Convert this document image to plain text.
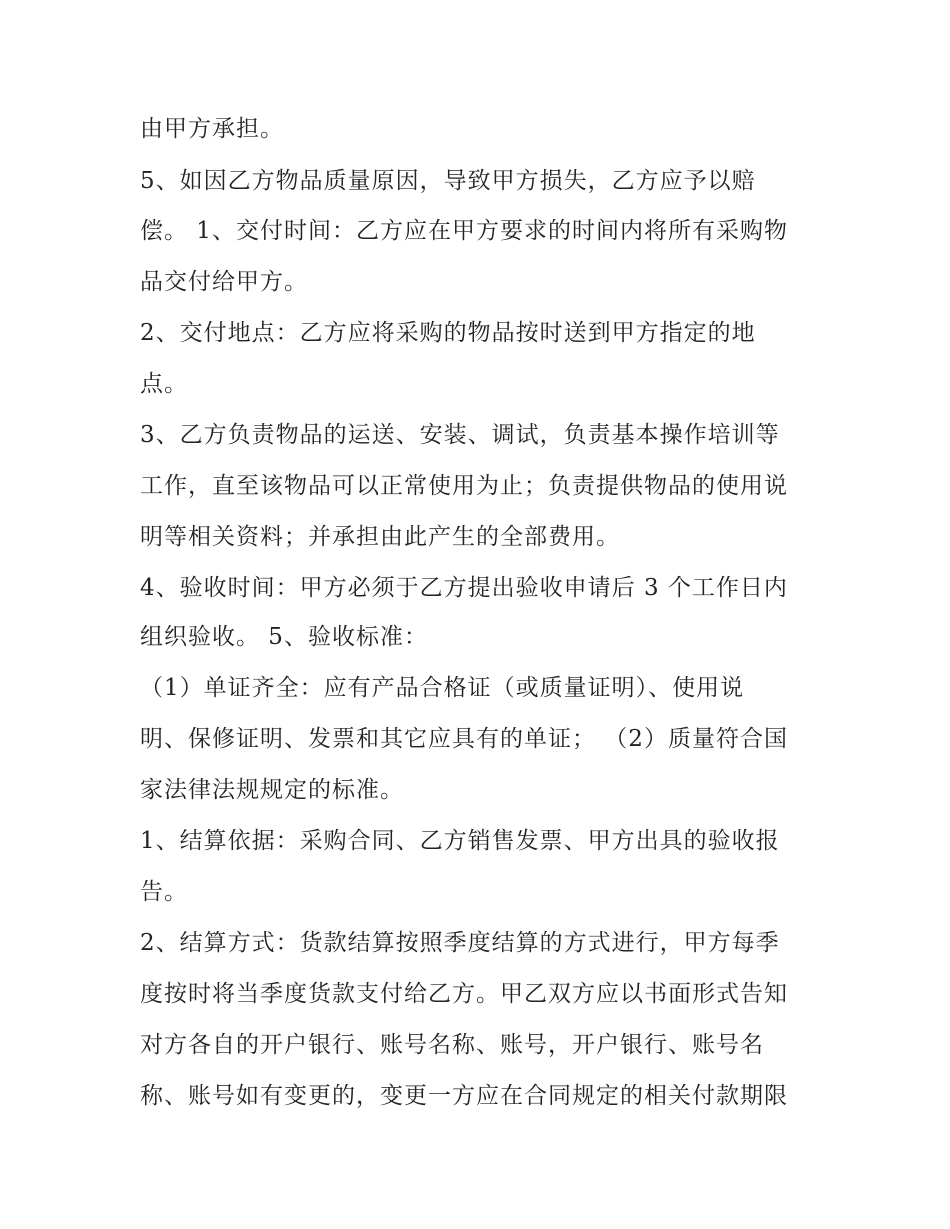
由甲方承担。
5、如因乙方物品质量原因，导致甲方损失，乙方应予以赔
偿。 1、交付时间：乙方应在甲方要求的时间内将所有采购物
品交付给甲方。
2、交付地点：乙方应将采购的物品按时送到甲方指定的地
点。
3、乙方负责物品的运送、安装、调试，负责基本操作培训等
工作，直至该物品可以正常使用为止；负责提供物品的使用说
明等相关资料；并承担由此产生的全部费用。
4、验收时间：甲方必须于乙方提出验收申请后 3 个工作日内
组织验收。 5、验收标准：
（1）单证齐全：应有产品合格证（或质量证明）、使用说
明、保修证明、发票和其它应具有的单证； （2）质量符合国
家法律法规规定的标准。
1、结算依据：采购合同、乙方销售发票、甲方出具的验收报
告。
2、结算方式：货款结算按照季度结算的方式进行，甲方每季
度按时将当季度货款支付给乙方。甲乙双方应以书面形式告知
对方各自的开户银行、账号名称、账号，开户银行、账号名
称、账号如有变更的，变更一方应在合同规定的相关付款期限
